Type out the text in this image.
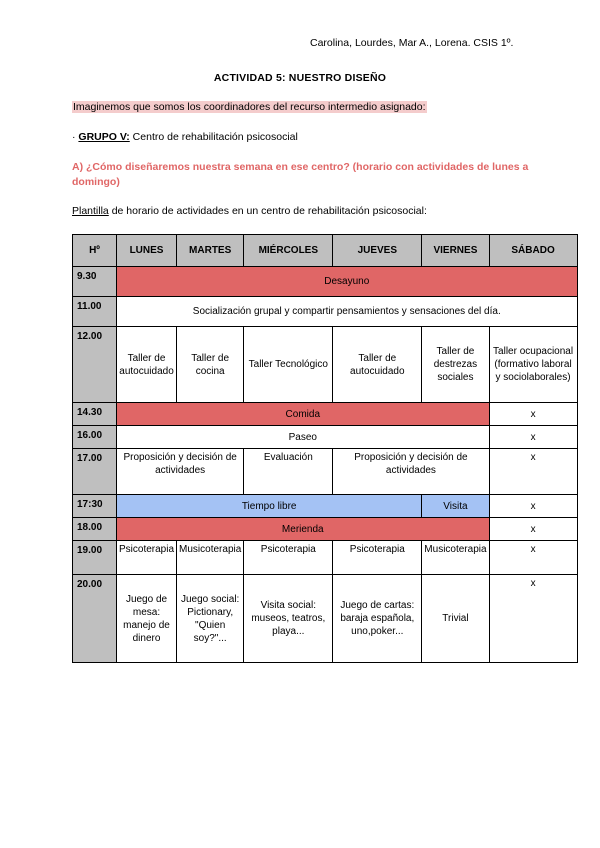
Carolina, Lourdes, Mar A., Lorena. CSIS 1º.
ACTIVIDAD 5: NUESTRO DISEÑO
Imaginemos que somos los coordinadores del recurso intermedio asignado:
· GRUPO V: Centro de rehabilitación psicosocial
A) ¿Cómo diseñaremos nuestra semana en ese centro? (horario con actividades de lunes a domingo)
Plantilla de horario de actividades en un centro de rehabilitación psicosocial:
Hº	LUNES	MARTES	MIÉRCOLES	JUEVES	VIERNES	SÁBADO
9.30	Desayuno					
11.00	Socialización grupal y compartir pensamientos y sensaciones del día.					
12.00	Taller de autocuidado	Taller de cocina	Taller Tecnológico	Taller de autocuidado	Taller de destrezas sociales	Taller ocupacional (formativo laboral y sociolaborales)
14.30	Comida					x
16.00	Paseo					x
17.00	Proposición y decisión de actividades		Evaluación	Proposición y decisión de actividades		x
17:30	Tiempo libre				Visita	x
18.00	Merienda					x
19.00	Psicoterapia	Musicoterapia	Psicoterapia	Psicoterapia	Musicoterapia	x
20.00	Juego de mesa: manejo de dinero	Juego social: Pictionary, "Quien soy?"...	Visita social: museos, teatros, playa...	Juego de cartas: baraja española, uno,poker...	Trivial	x
